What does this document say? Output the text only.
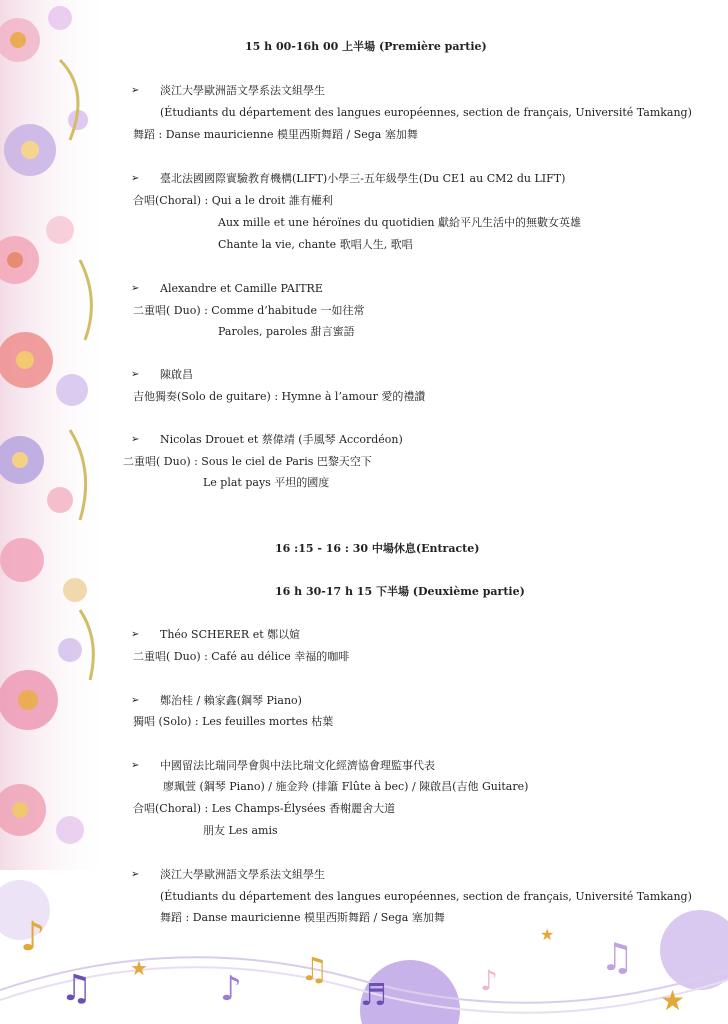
♪
♫	♪ ♫
♬	♪
♫
★
★
★
15 h 00-16h 00 上半場 (Première partie)
➢ 淡江大學歐洲語文學系法文組學生
(Étudiants du département des langues européennes, section de français, Université Tamkang)
舞蹈 : Danse mauricienne 模里西斯舞蹈 / Sega 塞加舞
➢ 臺北法國國際實驗教育機構(LIFT)小學三-五年級學生(Du CE1 au CM2 du LIFT)
合唱(Choral) : Qui a le droit 誰有權利
Aux mille et une héroïnes du quotidien 獻給平凡生活中的無數女英雄
Chante la vie, chante 歌唱人生, 歌唱
➢ Alexandre et Camille PAITRE
二重唱( Duo) : Comme d’habitude 一如往常
Paroles, paroles 甜言蜜語
➢ 陳啟昌
吉他獨奏(Solo de guitare) : Hymne à l’amour 愛的禮讚
➢ Nicolas Drouet et 蔡偉靖 (手風琴 Accordéon)
二重唱( Duo) : Sous le ciel de Paris 巴黎天空下
Le plat pays 平坦的國度
16 :15 - 16 : 30 中場休息(Entracte)
16 h 30-17 h 15 下半場 (Deuxième partie)
➢ Théo SCHERER et 鄭以媗
二重唱( Duo) : Café au délice 幸福的咖啡
➢ 鄭治桂 / 賴家鑫(鋼琴 Piano)
獨唱 (Solo) : Les feuilles mortes 枯葉
➢ 中國留法比瑞同學會與中法比瑞文化經濟協會理監事代表
廖珮萱 (鋼琴 Piano) / 施金羚 (排簫 Flûte à bec) / 陳啟昌(吉他 Guitare)
合唱(Choral) : Les Champs-Élysées 香榭麗舍大道
朋友 Les amis
➢ 淡江大學歐洲語文學系法文組學生
(Étudiants du département des langues européennes, section de français, Université Tamkang)
舞蹈 : Danse mauricienne 模里西斯舞蹈 / Sega 塞加舞
